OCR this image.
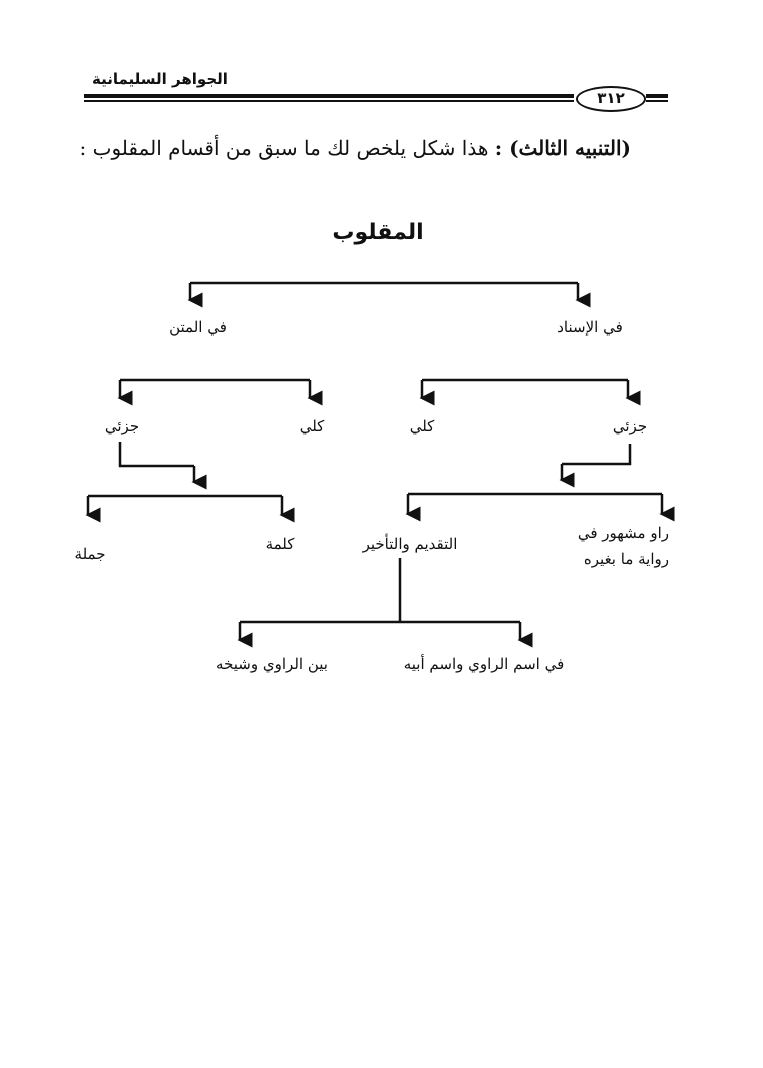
الجواهر السليمانية
٣١٢
(التنبيه الثالث) : هذا شكل يلخص لك ما سبق من أقسام المقلوب :
المقلوب
في الإسناد
في المتن
جزئي
كلي
كلي
جزئي
راو مشهور في
رواية ما بغيره
التقديم والتأخير
كلمة
جملة
في اسم الراوي واسم أبيه
بين الراوي وشيخه
